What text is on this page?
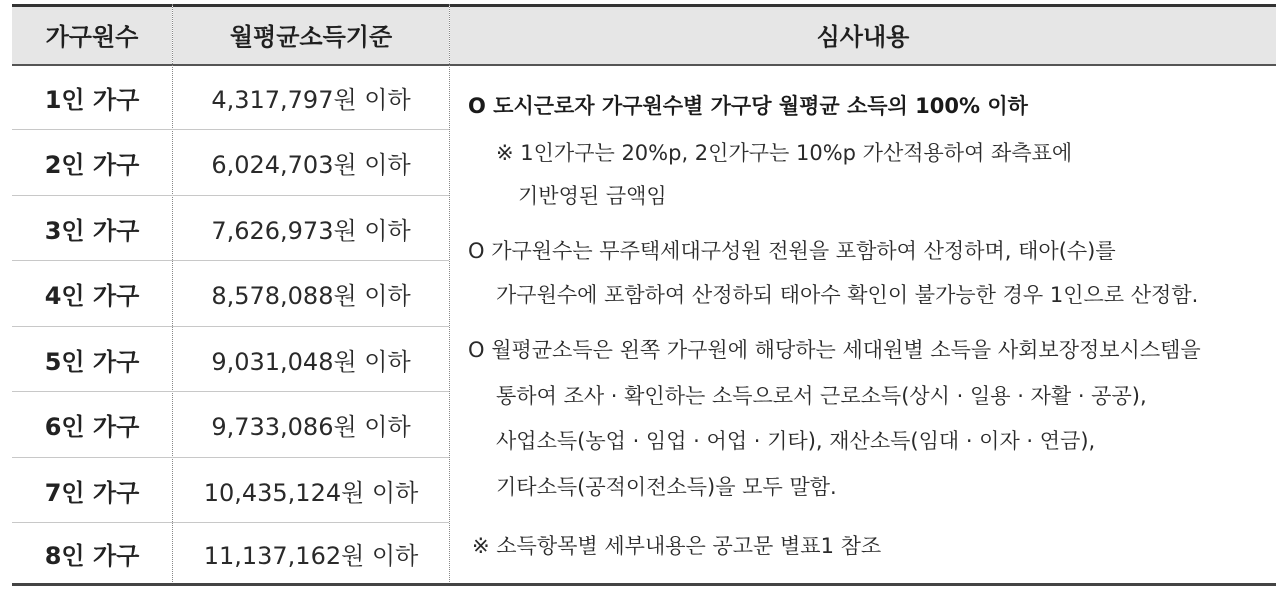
가구원수	월평균소득기준	심사내용
1인 가구	4,317,797원 이하
2인 가구	6,024,703원 이하
3인 가구	7,626,973원 이하
4인 가구	8,578,088원 이하
5인 가구	9,031,048원 이하
6인 가구	9,733,086원 이하
7인 가구	10,435,124원 이하
8인 가구	11,137,162원 이하
O 도시근로자 가구원수별 가구당 월평균 소득의 100% 이하
※ 1인가구는 20%p, 2인가구는 10%p 가산적용하여 좌측표에
기반영된 금액임
O 가구원수는 무주택세대구성원 전원을 포함하여 산정하며, 태아(수)를
가구원수에 포함하여 산정하되 태아수 확인이 불가능한 경우 1인으로 산정함.
O 월평균소득은 왼쪽 가구원에 해당하는 세대원별 소득을 사회보장정보시스템을
통하여 조사 · 확인하는 소득으로서 근로소득(상시 · 일용 · 자활 · 공공),
사업소득(농업 · 임업 · 어업 · 기타), 재산소득(임대 · 이자 · 연금),
기타소득(공적이전소득)을 모두 말함.
※ 소득항목별 세부내용은 공고문 별표1 참조
